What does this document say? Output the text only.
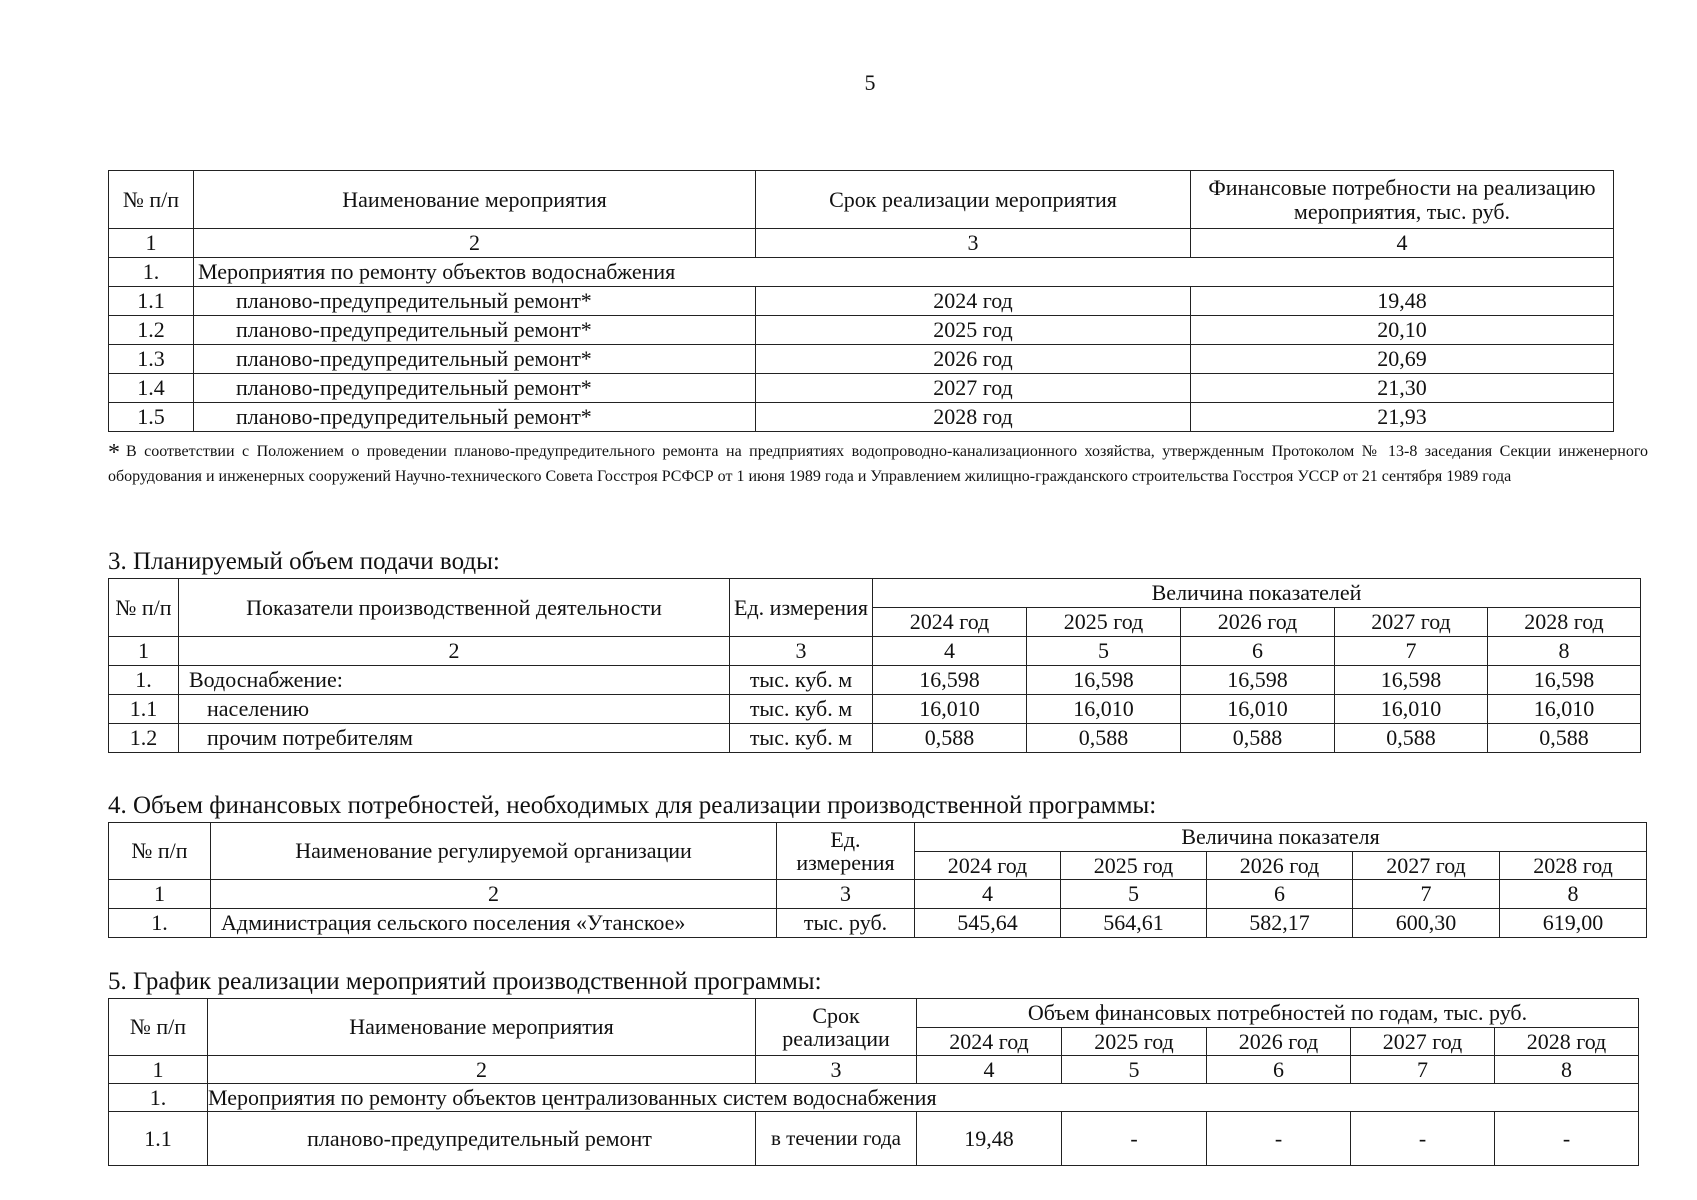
5
№ п/п	Наименование мероприятия	Срок реализации мероприятия	Финансовые потребности на реализацию мероприятия, тыс. руб.
1	2	3	4
1.	Мероприятия по ремонту объектов водоснабжения		
1.1	планово-предупредительный ремонт*	2024 год	19,48
1.2	планово-предупредительный ремонт*	2025 год	20,10
1.3	планово-предупредительный ремонт*	2026 год	20,69
1.4	планово-предупредительный ремонт*	2027 год	21,30
1.5	планово-предупредительный ремонт*	2028 год	21,93
* В соответствии с Положением о проведении планово-предупредительного ремонта на предприятиях водопроводно-канализационного хозяйства, утвержденным Протоколом № 13-8 заседания Секции инженерного оборудования и инженерных сооружений Научно-технического Совета Госстроя РСФСР от 1 июня 1989 года и Управлением жилищно-гражданского строительства Госстроя УССР от 21 сентября 1989 года
3. Планируемый объем подачи воды:
№ п/п	Показатели производственной деятельности	Ед. измерения	Величина показателей				
			2024 год	2025 год	2026 год	2027 год	2028 год
1	2	3	4	5	6	7	8
1.	Водоснабжение:	тыс. куб. м	16,598	16,598	16,598	16,598	16,598
1.1	населению	тыс. куб. м	16,010	16,010	16,010	16,010	16,010
1.2	прочим потребителям	тыс. куб. м	0,588	0,588	0,588	0,588	0,588
4. Объем финансовых потребностей, необходимых для реализации производственной программы:
№ п/п	Наименование регулируемой организации	Ед. измерения	Величина показателя				
			2024 год	2025 год	2026 год	2027 год	2028 год
1	2	3	4	5	6	7	8
1.	Администрация сельского поселения «Утанское»	тыс. руб.	545,64	564,61	582,17	600,30	619,00
5. График реализации мероприятий производственной программы:
№ п/п	Наименование мероприятия	Срок реализации	Объем финансовых потребностей по годам, тыс. руб.				
			2024 год	2025 год	2026 год	2027 год	2028 год
1	2	3	4	5	6	7	8
1.	Мероприятия по ремонту объектов централизованных систем водоснабжения						
1.1	планово-предупредительный ремонт	в течении года	19,48	-	-	-	-
